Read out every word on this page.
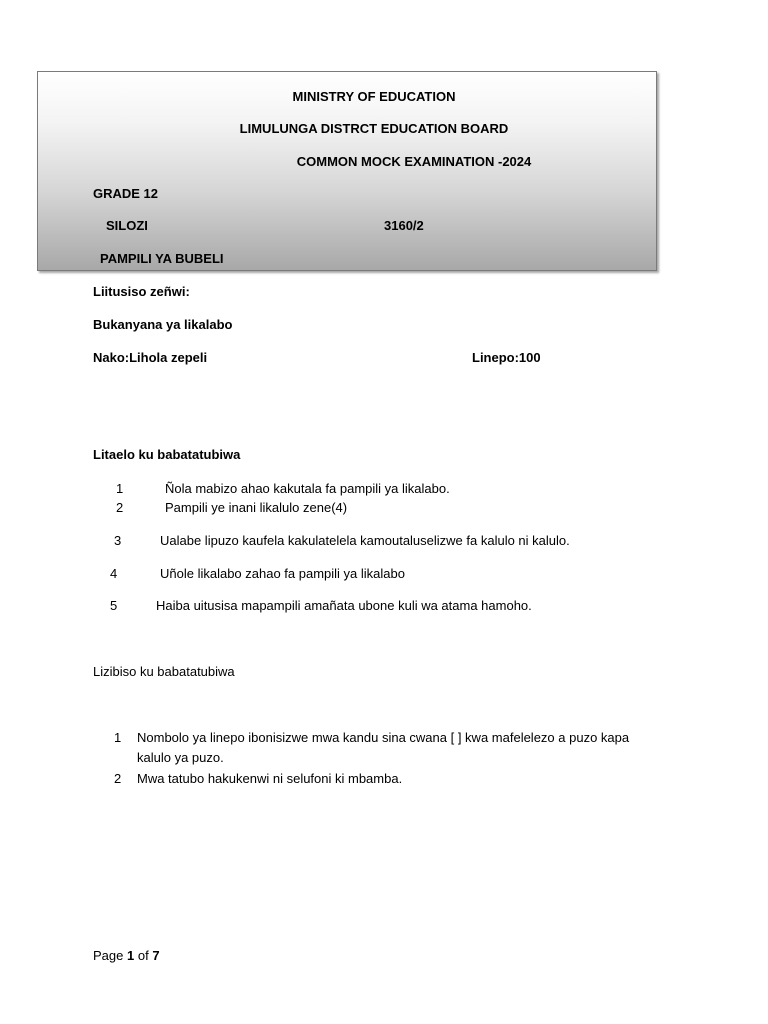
MINISTRY OF EDUCATION
LIMULUNGA DISTRCT EDUCATION BOARD
COMMON MOCK EXAMINATION -2024
GRADE 12
SILOZI	3160/2
PAMPILI YA BUBELI
Liitusiso zeñwi:
Bukanyana ya likalabo
Nako:Lihola zepeli	Linepo:100
Litaelo ku babatatubiwa
1	Ñola mabizo ahao kakutala fa pampili ya likalabo.
2	Pampili ye inani likalulo zene(4)
3	Ualabe lipuzo kaufela kakulatelela kamoutaluselizwe fa kalulo ni kalulo.
4	Uñole likalabo zahao fa pampili ya likalabo
5	Haiba uitusisa mapampili amañata ubone kuli wa atama hamoho.
Lizibiso ku babatatubiwa
1 Nombolo ya linepo ibonisizwe mwa kandu sina cwana [ ] kwa mafelelezo a puzo kapa
kalulo ya puzo.
2 Mwa tatubo hakukenwi ni selufoni ki mbamba.
Page 1 of 7
